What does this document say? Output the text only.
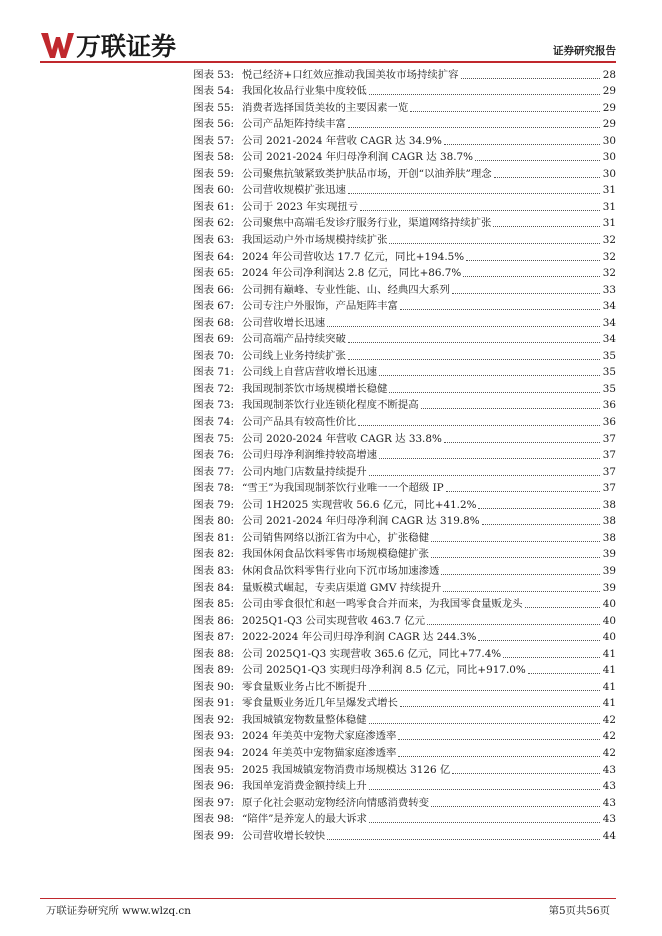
万联证券	证券研究报告
图表 53: 悦己经济+口红效应推动我国美妆市场持续扩容	28
图表 54: 我国化妆品行业集中度较低	29
图表 55: 消费者选择国货美妆的主要因素一览	29
图表 56: 公司产品矩阵持续丰富	29
图表 57: 公司 2021-2024 年营收 CAGR 达 34.9%	30
图表 58: 公司 2021-2024 年归母净利润 CAGR 达 38.7%	30
图表 59: 公司聚焦抗皱紧致类护肤品市场，开创“以油养肤”理念	30
图表 60: 公司营收规模扩张迅速	31
图表 61: 公司于 2023 年实现扭亏	31
图表 62: 公司聚焦中高端毛发诊疗服务行业，渠道网络持续扩张	31
图表 63: 我国运动户外市场规模持续扩张	32
图表 64: 2024 年公司营收达 17.7 亿元，同比+194.5%	32
图表 65: 2024 年公司净利润达 2.8 亿元，同比+86.7%	32
图表 66: 公司拥有巅峰、专业性能、山、经典四大系列	33
图表 67: 公司专注户外服饰，产品矩阵丰富	34
图表 68: 公司营收增长迅速	34
图表 69: 公司高端产品持续突破	34
图表 70: 公司线上业务持续扩张	35
图表 71: 公司线上自营店营收增长迅速	35
图表 72: 我国现制茶饮市场规模增长稳健	35
图表 73: 我国现制茶饮行业连锁化程度不断提高	36
图表 74: 公司产品具有较高性价比	36
图表 75: 公司 2020-2024 年营收 CAGR 达 33.8%	37
图表 76: 公司归母净利润维持较高增速	37
图表 77: 公司内地门店数量持续提升	37
图表 78: “雪王”为我国现制茶饮行业唯一一个超级 IP	37
图表 79: 公司 1H2025 实现营收 56.6 亿元，同比+41.2%	38
图表 80: 公司 2021-2024 年归母净利润 CAGR 达 319.8%	38
图表 81: 公司销售网络以浙江省为中心，扩张稳健	38
图表 82: 我国休闲食品饮料零售市场规模稳健扩张	39
图表 83: 休闲食品饮料零售行业向下沉市场加速渗透	39
图表 84: 量贩模式崛起，专卖店渠道 GMV 持续提升	39
图表 85: 公司由零食很忙和赵一鸣零食合并而来，为我国零食量贩龙头	40
图表 86: 2025Q1-Q3 公司实现营收 463.7 亿元	40
图表 87: 2022-2024 年公司归母净利润 CAGR 达 244.3%	40
图表 88: 公司 2025Q1-Q3 实现营收 365.6 亿元，同比+77.4%	41
图表 89: 公司 2025Q1-Q3 实现归母净利润 8.5 亿元，同比+917.0%	41
图表 90: 零食量贩业务占比不断提升	41
图表 91: 零食量贩业务近几年呈爆发式增长	41
图表 92: 我国城镇宠物数量整体稳健	42
图表 93: 2024 年美英中宠物犬家庭渗透率	42
图表 94: 2024 年美英中宠物猫家庭渗透率	42
图表 95: 2025 我国城镇宠物消费市场规模达 3126 亿	43
图表 96: 我国单宠消费金额持续上升	43
图表 97: 原子化社会驱动宠物经济向情感消费转变	43
图表 98: “陪伴”是养宠人的最大诉求	43
图表 99: 公司营收增长较快	44
万联证券研究所 www.wlzq.cn	第5页共56页
